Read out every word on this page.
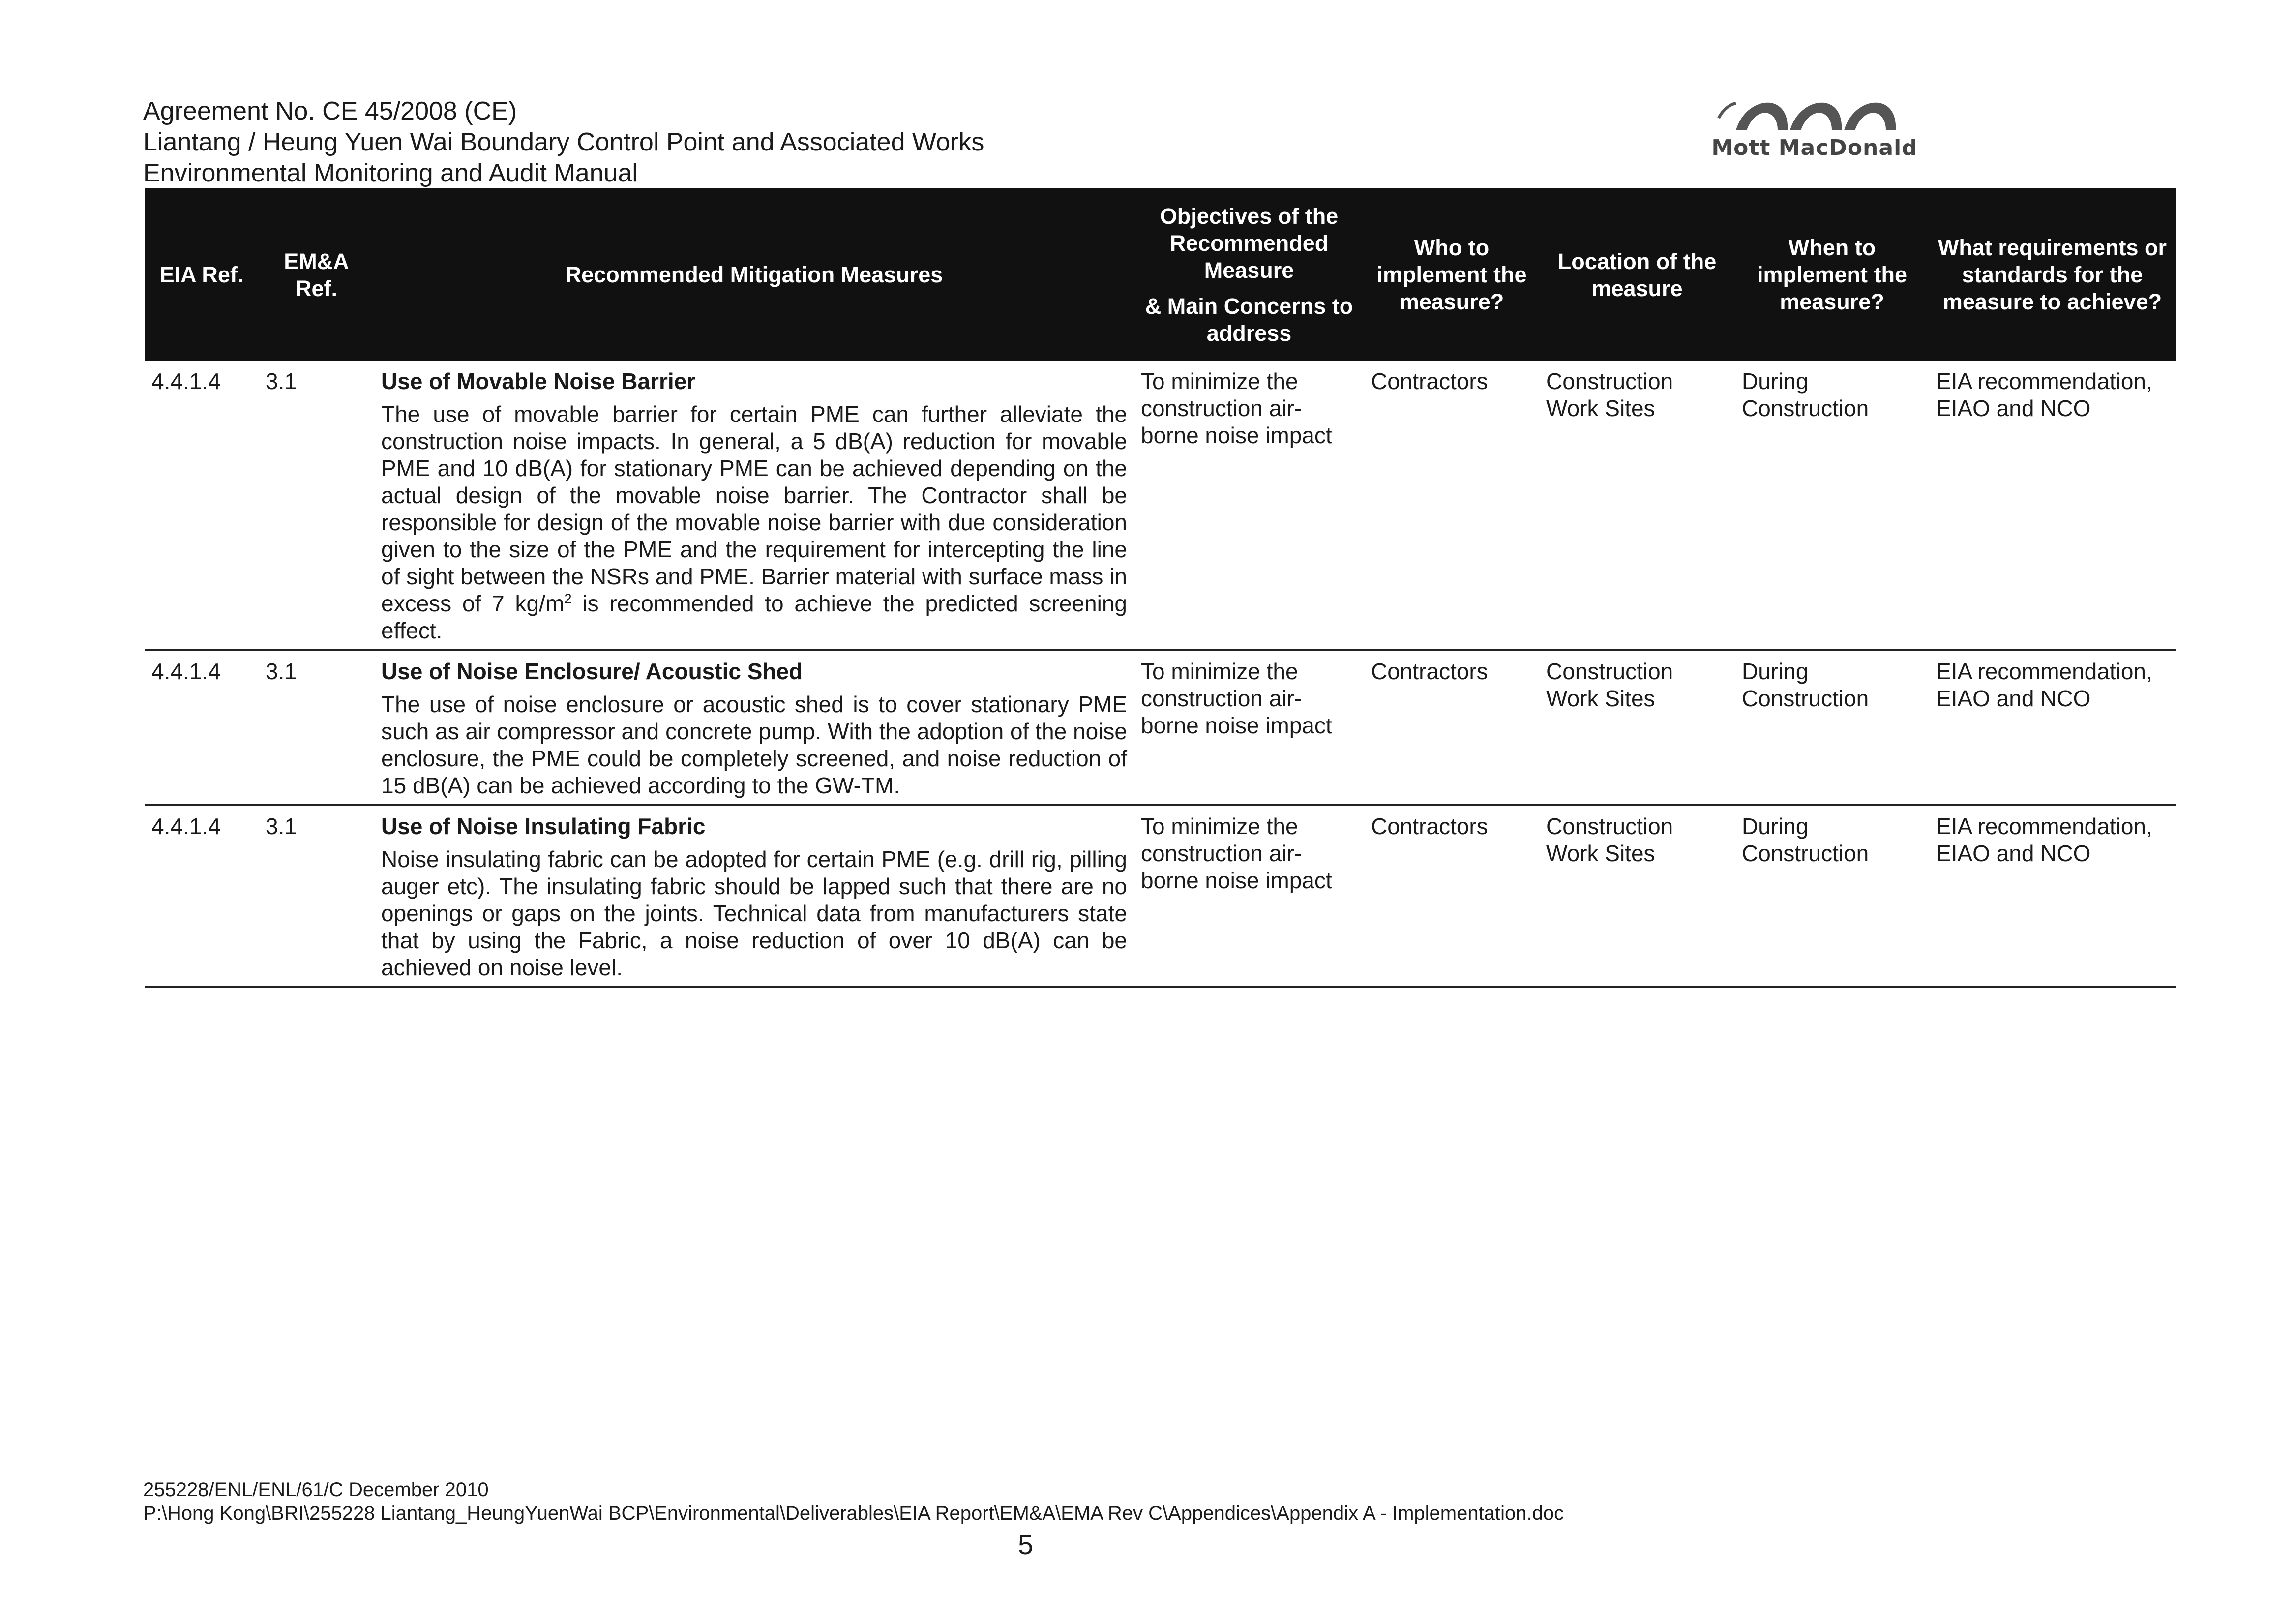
Agreement No. CE 45/2008 (CE)
Liantang / Heung Yuen Wai Boundary Control Point and Associated Works
Environmental Monitoring and Audit Manual
Mott MacDonald
EIA Ref.	EM&A Ref.	Recommended Mitigation Measures	Objectives of the Recommended Measure
& Main Concerns to address	Who to implement the measure?	Location of the measure	When to implement the measure?	What requirements or standards for the measure to achieve?
4.4.1.4	3.1	Use of Movable Noise Barrier
The use of movable barrier for certain PME can further alleviate the construction noise impacts. In general, a 5 dB(A) reduction for movable PME and 10 dB(A) for stationary PME can be achieved depending on the actual design of the movable noise barrier. The Contractor shall be responsible for design of the movable noise barrier with due consideration given to the size of the PME and the requirement for intercepting the line of sight between the NSRs and PME. Barrier material with surface mass in excess of 7 $kg/m^2$ is recommended to achieve the predicted screening effect.	To minimize the construction air-borne noise impact	Contractors	Construction Work Sites	During Construction	EIA recommendation, EIAO and NCO
4.4.1.4	3.1	Use of Noise Enclosure/ Acoustic Shed
The use of noise enclosure or acoustic shed is to cover stationary PME such as air compressor and concrete pump. With the adoption of the noise enclosure, the PME could be completely screened, and noise reduction of 15 dB(A) can be achieved according to the GW-TM.	To minimize the construction air-borne noise impact	Contractors	Construction Work Sites	During Construction	EIA recommendation, EIAO and NCO
4.4.1.4	3.1	Use of Noise Insulating Fabric
Noise insulating fabric can be adopted for certain PME (e.g. drill rig, pilling auger etc). The insulating fabric should be lapped such that there are no openings or gaps on the joints. Technical data from manufacturers state that by using the Fabric, a noise reduction of over 10 dB(A) can be achieved on noise level.	To minimize the construction air-borne noise impact	Contractors	Construction Work Sites	During Construction	EIA recommendation, EIAO and NCO
255228/ENL/ENL/61/C December 2010
P:\Hong Kong\BRI\255228 Liantang_HeungYuenWai BCP\Environmental\Deliverables\EIA Report\EM&A\EMA Rev C\Appendices\Appendix A - Implementation.doc
5
